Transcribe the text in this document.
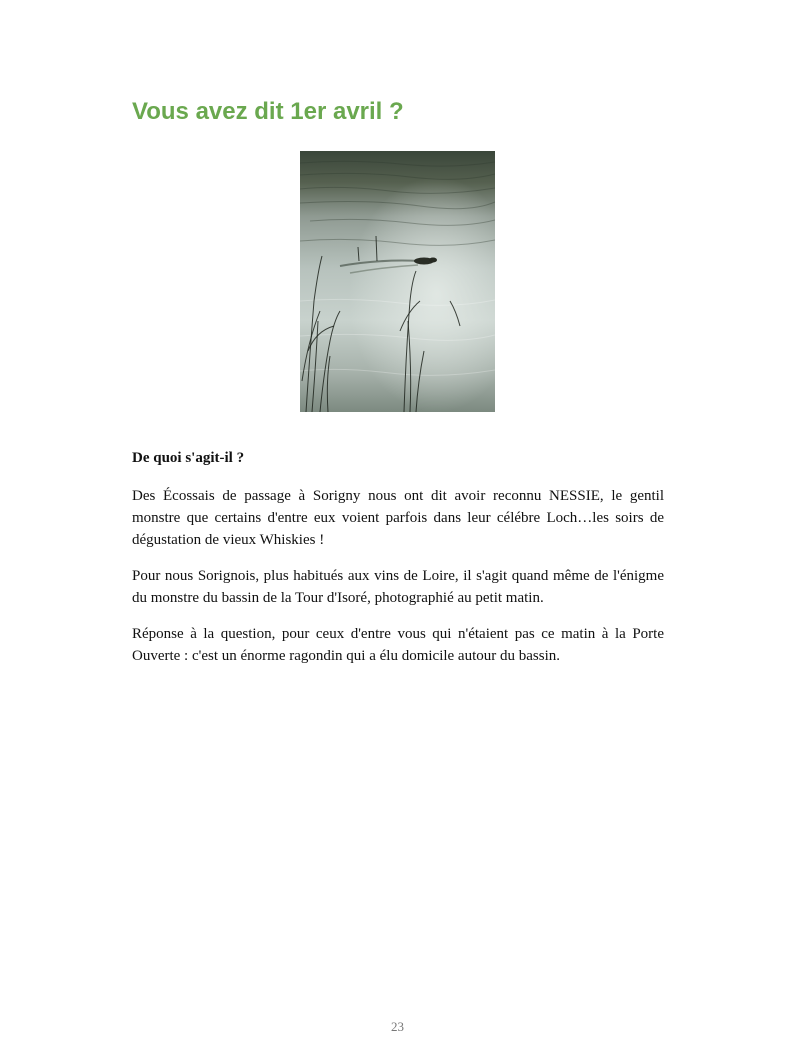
Vous avez dit 1er avril ?

De quoi s'agit-il ?

Des Écossais de passage à Sorigny nous ont dit avoir reconnu NESSIE, le gentil monstre que certains d'entre eux voient parfois dans leur célébre Loch…les soirs de dégustation de vieux Whiskies !

Pour nous Sorignois, plus habitués aux vins de Loire, il s'agit quand même de l'énigme du monstre du bassin de la Tour d'Isoré, photographié au petit matin.

Réponse à la question, pour ceux d'entre vous qui n'étaient pas ce matin à la Porte Ouverte : c'est un énorme ragondin qui a élu domicile autour du bassin.

23
